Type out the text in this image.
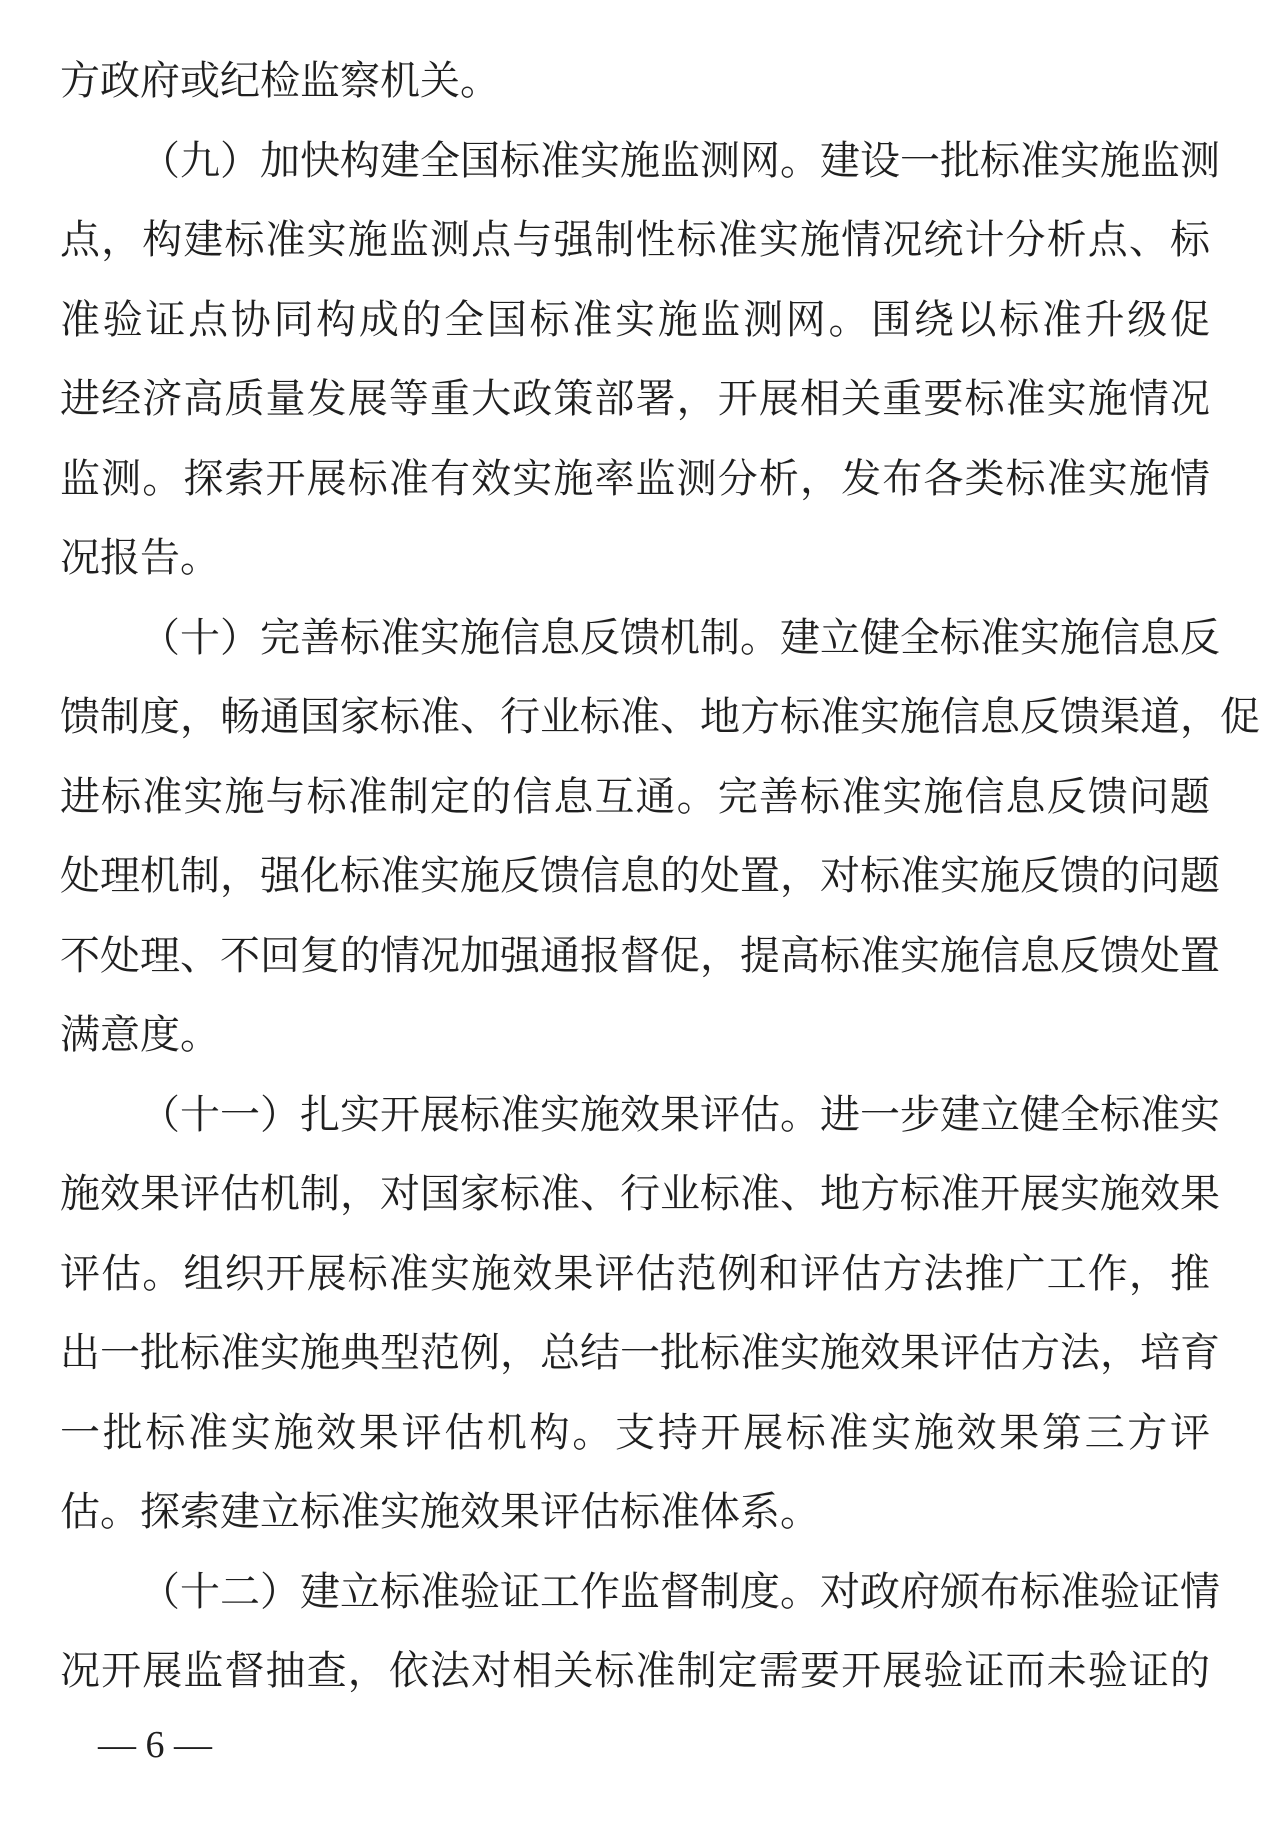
方政府或纪检监察机关。
（九）加快构建全国标准实施监测网。建设一批标准实施监测
点，构建标准实施监测点与强制性标准实施情况统计分析点、标
准验证点协同构成的全国标准实施监测网。围绕以标准升级促
进经济高质量发展等重大政策部署，开展相关重要标准实施情况
监测。探索开展标准有效实施率监测分析，发布各类标准实施情
况报告。
（十）完善标准实施信息反馈机制。建立健全标准实施信息反
馈制度，畅通国家标准、行业标准、地方标准实施信息反馈渠道，促
进标准实施与标准制定的信息互通。完善标准实施信息反馈问题
处理机制，强化标准实施反馈信息的处置，对标准实施反馈的问题
不处理、不回复的情况加强通报督促，提高标准实施信息反馈处置
满意度。
（十一）扎实开展标准实施效果评估。进一步建立健全标准实
施效果评估机制，对国家标准、行业标准、地方标准开展实施效果
评估。组织开展标准实施效果评估范例和评估方法推广工作，推
出一批标准实施典型范例，总结一批标准实施效果评估方法，培育
一批标准实施效果评估机构。支持开展标准实施效果第三方评
估。探索建立标准实施效果评估标准体系。
（十二）建立标准验证工作监督制度。对政府颁布标准验证情
况开展监督抽查，依法对相关标准制定需要开展验证而未验证的
— 6 —
